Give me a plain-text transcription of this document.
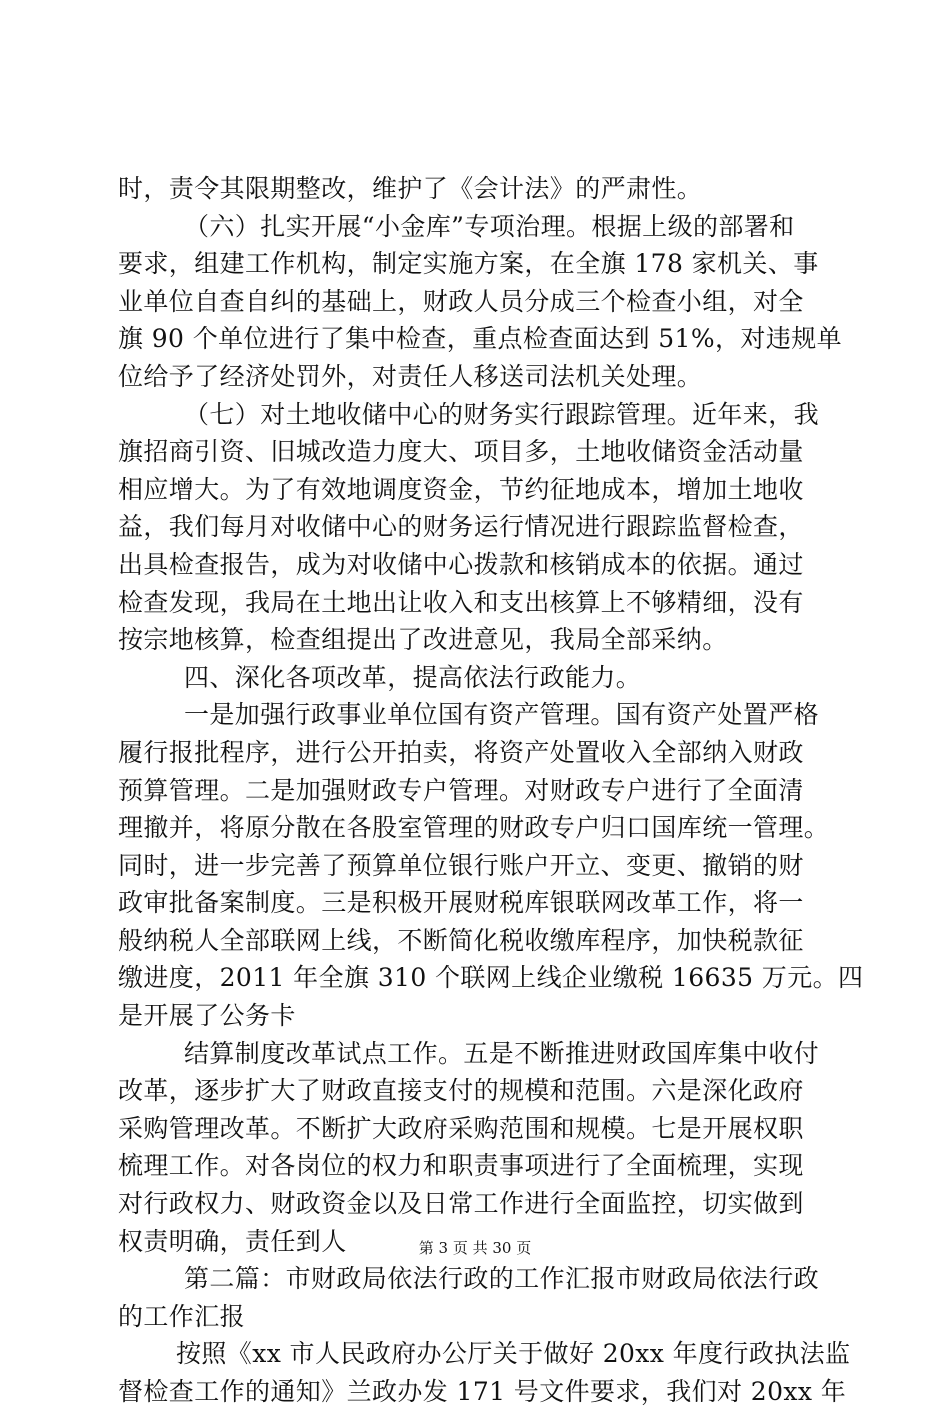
时，责令其限期整改，维护了《会计法》的严肃性。
（六）扎实开展“小金库”专项治理。根据上级的部署和
要求，组建工作机构，制定实施方案，在全旗 178 家机关、事
业单位自查自纠的基础上，财政人员分成三个检查小组，对全
旗 90 个单位进行了集中检查，重点检查面达到 51%，对违规单
位给予了经济处罚外，对责任人移送司法机关处理。
（七）对土地收储中心的财务实行跟踪管理。近年来，我
旗招商引资、旧城改造力度大、项目多，土地收储资金活动量
相应增大。为了有效地调度资金，节约征地成本，增加土地收
益，我们每月对收储中心的财务运行情况进行跟踪监督检查，
出具检查报告，成为对收储中心拨款和核销成本的依据。通过
检查发现，我局在土地出让收入和支出核算上不够精细，没有
按宗地核算，检查组提出了改进意见，我局全部采纳。
四、深化各项改革，提高依法行政能力。
一是加强行政事业单位国有资产管理。国有资产处置严格
履行报批程序，进行公开拍卖，将资产处置收入全部纳入财政
预算管理。二是加强财政专户管理。对财政专户进行了全面清
理撤并，将原分散在各股室管理的财政专户归口国库统一管理。
同时，进一步完善了预算单位银行账户开立、变更、撤销的财
政审批备案制度。三是积极开展财税库银联网改革工作，将一
般纳税人全部联网上线，不断简化税收缴库程序，加快税款征
缴进度，2011 年全旗 310 个联网上线企业缴税 16635 万元。四
是开展了公务卡
结算制度改革试点工作。五是不断推进财政国库集中收付
改革，逐步扩大了财政直接支付的规模和范围。六是深化政府
采购管理改革。不断扩大政府采购范围和规模。七是开展权职
梳理工作。对各岗位的权力和职责事项进行了全面梳理，实现
对行政权力、财政资金以及日常工作进行全面监控，切实做到
权责明确，责任到人
第二篇：市财政局依法行政的工作汇报市财政局依法行政
的工作汇报
按照《xx 市人民政府办公厅关于做好 20xx 年度行政执法监
督检查工作的通知》兰政办发 171 号文件要求，我们对 20xx 年
第 3 页 共 30 页
